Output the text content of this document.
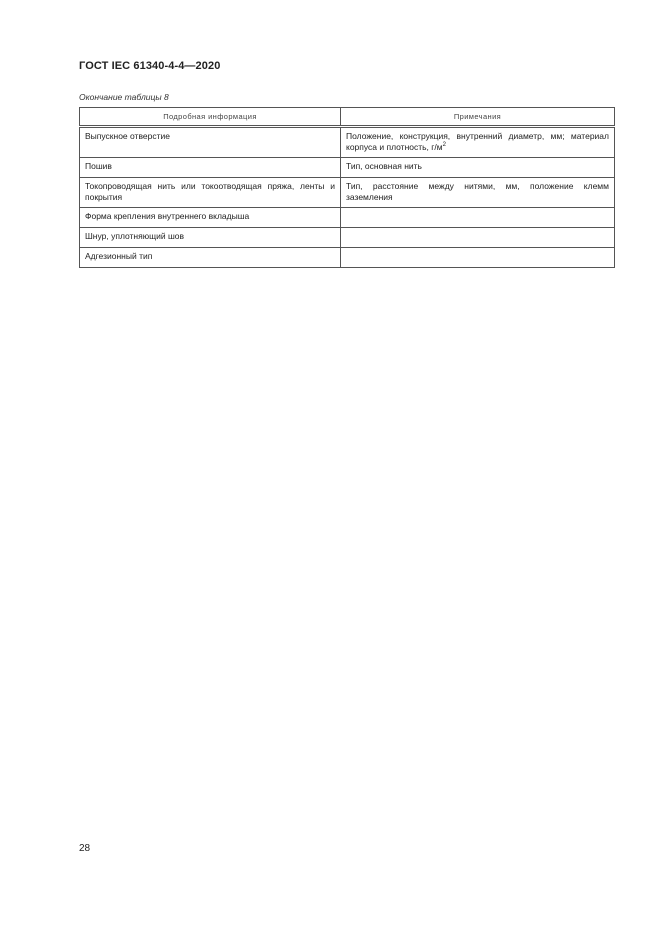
ГОСТ IEC 61340-4-4—2020
Окончание таблицы 8
Подробная информация	Примечания
Выпускное отверстие	Положение, конструкция, внутренний диаметр, мм; материал корпуса и плотность, $г/м^2$
Пошив	Тип, основная нить
Токопроводящая нить или токоотводящая пряжа, ленты и покрытия	Тип, расстояние между нитями, мм, положение клемм заземления
Форма крепления внутреннего вкладыша	
Шнур, уплотняющий шов	
Адгезионный тип	
28
